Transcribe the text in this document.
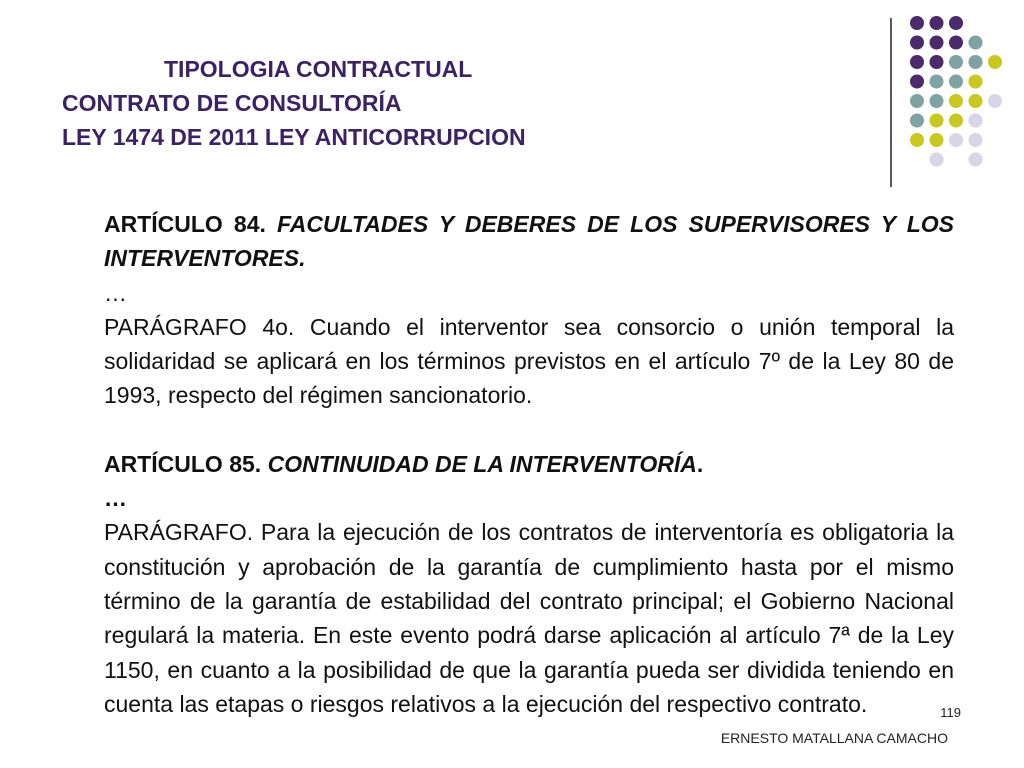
TIPOLOGIA CONTRACTUAL
CONTRATO DE CONSULTORÍA
LEY 1474 DE 2011 LEY ANTICORRUPCION

ARTÍCULO 84. FACULTADES Y DEBERES DE LOS SUPERVISORES Y LOS INTERVENTORES.

…

PARÁGRAFO 4o. Cuando el interventor sea consorcio o unión temporal la solidaridad se aplicará en los términos previstos en el artículo 7º de la Ley 80 de 1993, respecto del régimen sancionatorio.

ARTÍCULO 85. CONTINUIDAD DE LA INTERVENTORÍA.

…

PARÁGRAFO. Para la ejecución de los contratos de interventoría es obligatoria la constitución y aprobación de la garantía de cumplimiento hasta por el mismo término de la garantía de estabilidad del contrato principal; el Gobierno Nacional regulará la materia. En este evento podrá darse aplicación al artículo 7ª de la Ley 1150, en cuanto a la posibilidad de que la garantía pueda ser dividida teniendo en cuenta las etapas o riesgos relativos a la ejecución del respectivo contrato.	119
ERNESTO MATALLANA CAMACHO
